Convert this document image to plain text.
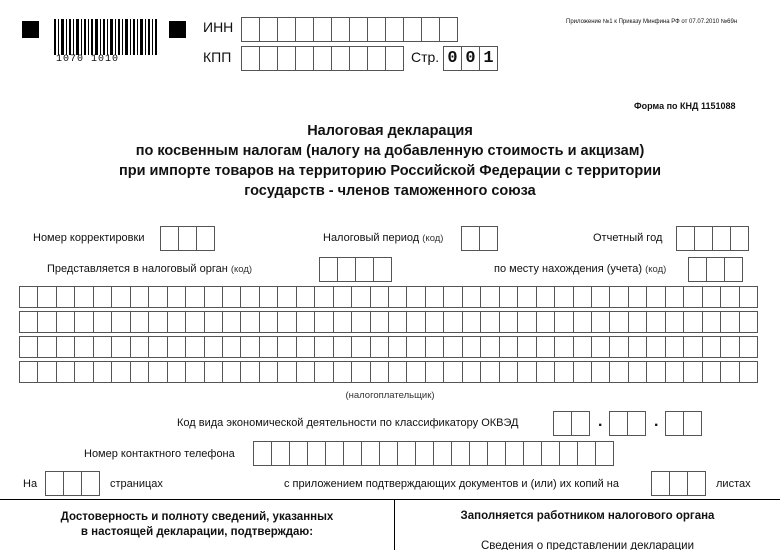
1070 1010
ИНН
КПП	Стр. 0 0 1
Приложение №1 к Приказу Минфина РФ от 07.07.2010 №69н
Форма по КНД 1151088
Налоговая декларация
по косвенным налогам (налогу на добавленную стоимость и акцизам)
при импорте товаров на территорию Российской Федерации с территории
государств - членов таможенного союза
Номер корректировки	Налоговый период (код)	Отчетный год
Представляется в налоговый орган (код)	по месту нахождения (учета) (код)
(налогоплательщик)
Код вида экономической деятельности по классификатору ОКВЭД	.	.
Номер контактного телефона
На	страницах	с приложением подтверждающих документов и (или) их копий на	листах
Достоверность и полноту сведений, указанных
в настоящей декларации, подтверждаю:
Заполняется работником налогового органа
Сведения о представлении декларации
